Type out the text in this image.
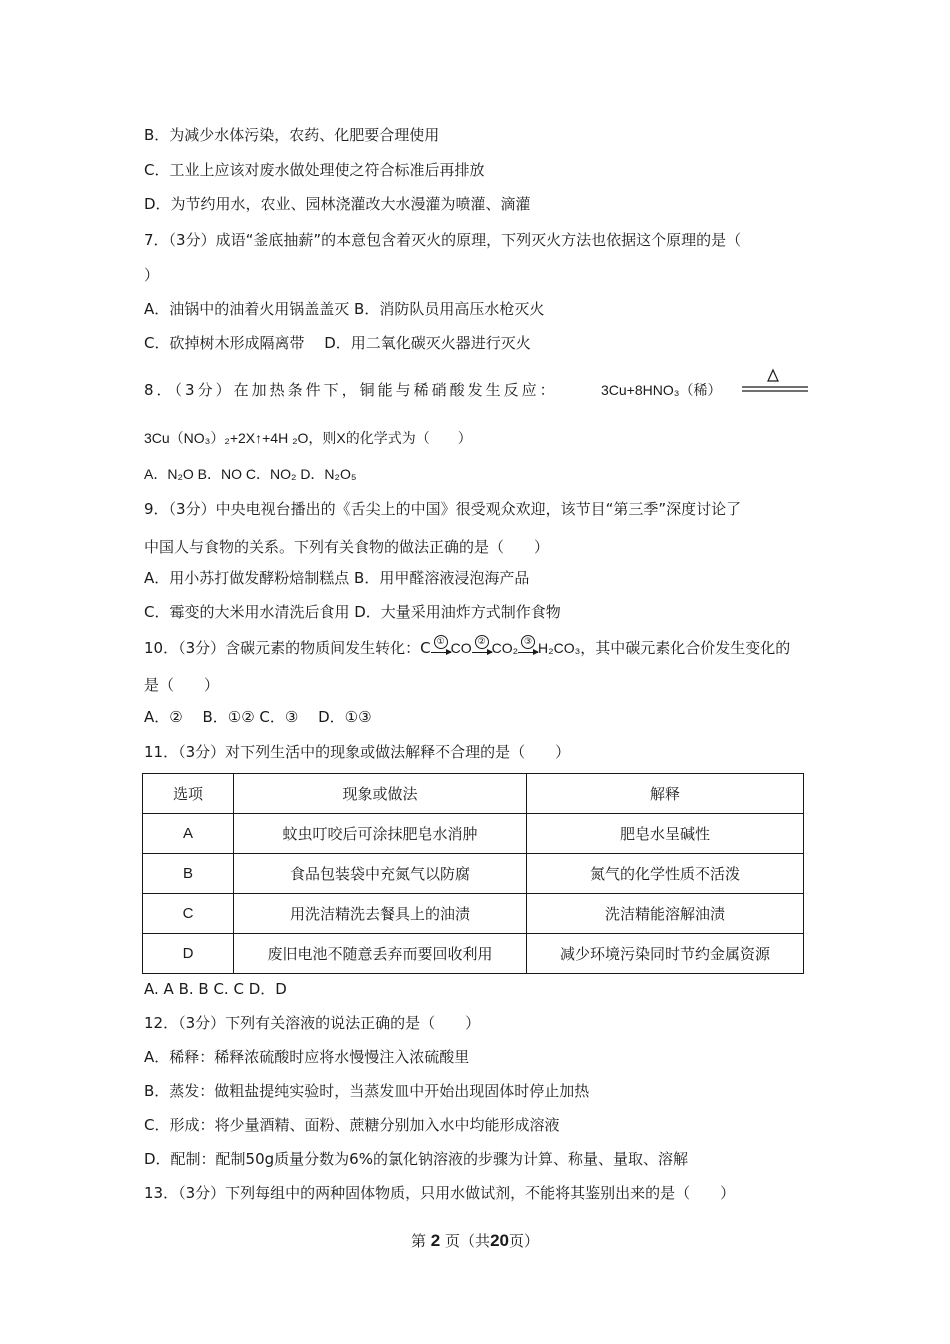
B．为减少水体污染，农药、化肥要合理使用
C．工业上应该对废水做处理使之符合标准后再排放
D．为节约用水，农业、园林浇灌改大水漫灌为喷灌、滴灌
7．（3分）成语“釜底抽薪”的本意包含着灭火的原理，下列灭火方法也依据这个原理的是（
）
A．油锅中的油着火用锅盖盖灭 B．消防队员用高压水枪灭火
C．砍掉树木形成隔离带　 D．用二氧化碳灭火器进行灭火
8．（3分）在加热条件下，铜能与稀硝酸发生反应：	3Cu+8HNO₃（稀）
3Cu（NO₃）₂+2X↑+4H ₂O，则X的化学式为（　　）
A．N₂O B．NO C．NO₂ D．N₂O₅
9．（3分）中央电视台播出的《舌尖上的中国》很受观众欢迎，该节目“第三季”深度讨论了
中国人与食物的关系。下列有关食物的做法正确的是（　　）
A．用小苏打做发酵粉焙制糕点 B．用甲醛溶液浸泡海产品
C．霉变的大米用水清洗后食用 D．大量采用油炸方式制作食物
10．（3分）含碳元素的物质间发生转化：C ① CO ② CO₂ ③ H₂CO₃，其中碳元素化合价发生变化的
是（　　）
A．②　 B．①② C．③　 D．①③
11．（3分）对下列生活中的现象或做法解释不合理的是（　　）
选项	现象或做法	解释
A	蚊虫叮咬后可涂抹肥皂水消肿	肥皂水呈碱性
B	食品包装袋中充氮气以防腐	氮气的化学性质不活泼
C	用洗洁精洗去餐具上的油渍	洗洁精能溶解油渍
D	废旧电池不随意丢弃而要回收利用	减少环境污染同时节约金属资源
A. A B. B C. C D．D
12．（3分）下列有关溶液的说法正确的是（　　）
A．稀释：稀释浓硫酸时应将水慢慢注入浓硫酸里
B．蒸发：做粗盐提纯实验时，当蒸发皿中开始出现固体时停止加热
C．形成：将少量酒精、面粉、蔗糖分别加入水中均能形成溶液
D．配制：配制50g质量分数为6%的氯化钠溶液的步骤为计算、称量、量取、溶解
13．（3分）下列每组中的两种固体物质，只用水做试剂，不能将其鉴别出来的是（　　）
第 2 页（共20页）
